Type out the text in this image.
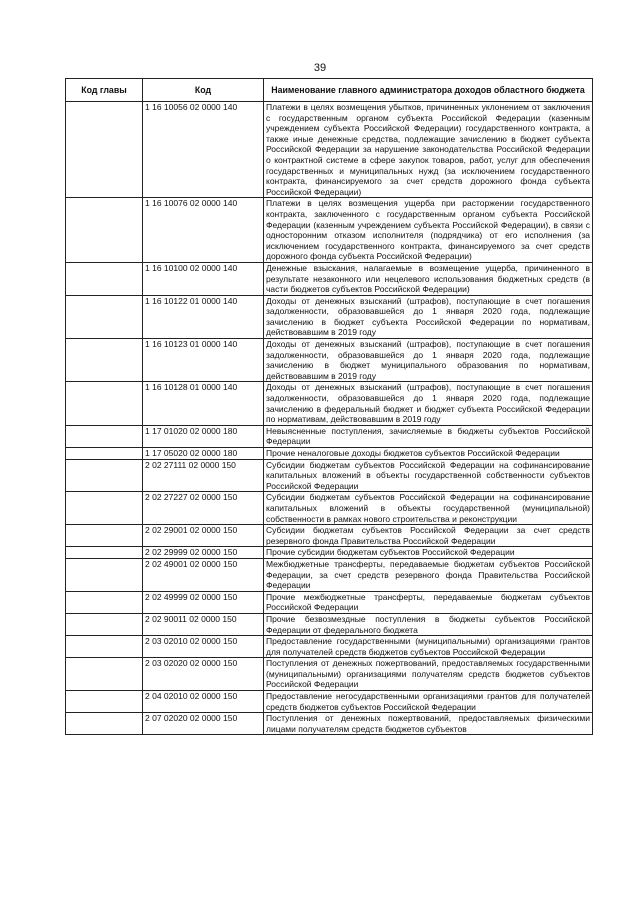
39
Код главы	Код	Наименование главного администратора доходов областного бюджета
	1 16 10056 02 0000 140	Платежи в целях возмещения убытков, причиненных уклонением от заключения с государственным органом субъекта Российской Федерации (казенным учреждением субъекта Российской Федерации) государственного контракта, а также иные денежные средства, подлежащие зачислению в бюджет субъекта Российской Федерации за нарушение законодательства Российской Федерации о контрактной системе в сфере закупок товаров, работ, услуг для обеспечения государственных и муниципальных нужд (за исключением государственного контракта, финансируемого за счет средств дорожного фонда субъекта Российской Федерации)
	1 16 10076 02 0000 140	Платежи в целях возмещения ущерба при расторжении государственного контракта, заключенного с государственным органом субъекта Российской Федерации (казенным учреждением субъекта Российской Федерации), в связи с односторонним отказом исполнителя (подрядчика) от его исполнения (за исключением государственного контракта, финансируемого за счет средств дорожного фонда субъекта Российской Федерации)
	1 16 10100 02 0000 140	Денежные взыскания, налагаемые в возмещение ущерба, причиненного в результате незаконного или нецелевого использования бюджетных средств (в части бюджетов субъектов Российской Федерации)
	1 16 10122 01 0000 140	Доходы от денежных взысканий (штрафов), поступающие в счет погашения задолженности, образовавшейся до 1 января 2020 года, подлежащие зачислению в бюджет субъекта Российской Федерации по нормативам, действовавшим в 2019 году
	1 16 10123 01 0000 140	Доходы от денежных взысканий (штрафов), поступающие в счет погашения задолженности, образовавшейся до 1 января 2020 года, подлежащие зачислению в бюджет муниципального образования по нормативам, действовавшим в 2019 году
	1 16 10128 01 0000 140	Доходы от денежных взысканий (штрафов), поступающие в счет погашения задолженности, образовавшейся до 1 января 2020 года, подлежащие зачислению в федеральный бюджет и бюджет субъекта Российской Федерации по нормативам, действовавшим в 2019 году
	1 17 01020 02 0000 180	Невыясненные поступления, зачисляемые в бюджеты субъектов Российской Федерации
	1 17 05020 02 0000 180	Прочие неналоговые доходы бюджетов субъектов Российской Федерации
	2 02 27111 02 0000 150	Субсидии бюджетам субъектов Российской Федерации на софинансирование капитальных вложений в объекты государственной собственности субъектов Российской Федерации
	2 02 27227 02 0000 150	Субсидии бюджетам субъектов Российской Федерации на софинансирование капитальных вложений в объекты государственной (муниципальной) собственности в рамках нового строительства и реконструкции
	2 02 29001 02 0000 150	Субсидии бюджетам субъектов Российской Федерации за счет средств резервного фонда Правительства Российской Федерации
	2 02 29999 02 0000 150	Прочие субсидии бюджетам субъектов Российской Федерации
	2 02 49001 02 0000 150	Межбюджетные трансферты, передаваемые бюджетам субъектов Российской Федерации, за счет средств резервного фонда Правительства Российской Федерации
	2 02 49999 02 0000 150	Прочие межбюджетные трансферты, передаваемые бюджетам субъектов Российской Федерации
	2 02 90011 02 0000 150	Прочие безвозмездные поступления в бюджеты субъектов Российской Федерации от федерального бюджета
	2 03 02010 02 0000 150	Предоставление государственными (муниципальными) организациями грантов для получателей средств бюджетов субъектов Российской Федерации
	2 03 02020 02 0000 150	Поступления от денежных пожертвований, предоставляемых государственными (муниципальными) организациями получателям средств бюджетов субъектов Российской Федерации
	2 04 02010 02 0000 150	Предоставление негосударственными организациями грантов для получателей средств бюджетов субъектов Российской Федерации
	2 07 02020 02 0000 150	Поступления от денежных пожертвований, предоставляемых физическими лицами получателям средств бюджетов субъектов
